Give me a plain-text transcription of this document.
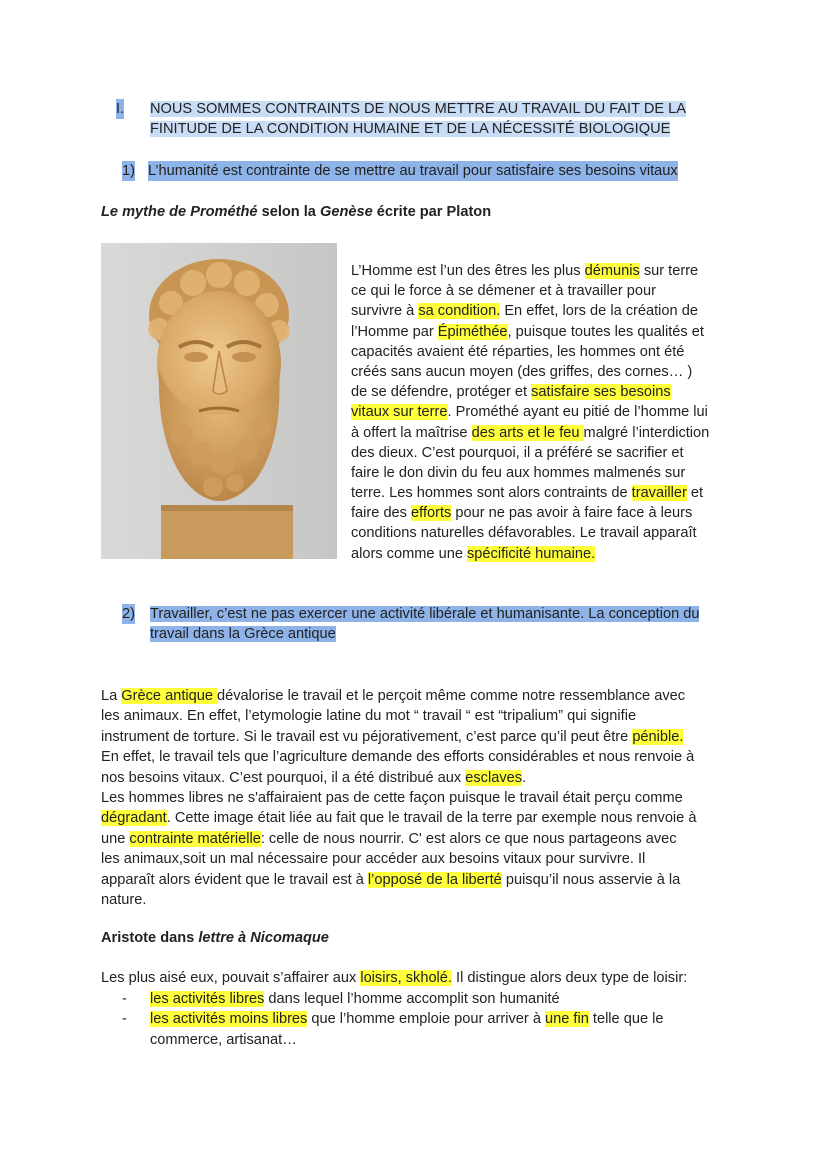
I. NOUS SOMMES CONTRAINTS DE NOUS METTRE AU TRAVAIL DU FAIT DE LA
FINITUDE DE LA CONDITION HUMAINE ET DE LA NÉCESSITÉ BIOLOGIQUE
1) L’humanité est contrainte de se mettre au travail pour satisfaire ses besoins vitaux
Le mythe de Prométhé selon la Genèse écrite par Platon
L’Homme est l’un des êtres les plus démunis sur terre
ce qui le force à se démener et à travailler pour
survivre à sa condition. En effet, lors de la création de
l’Homme par Épiméthée, puisque toutes les qualités et
capacités avaient été réparties, les hommes ont été
créés sans aucun moyen (des griffes, des cornes… )
de se défendre, protéger et satisfaire ses besoins
vitaux sur terre. Prométhé ayant eu pitié de l’homme lui
à offert la maîtrise des arts et le feu malgré l’interdiction
des dieux. C’est pourquoi, il a préféré se sacrifier et
faire le don divin du feu aux hommes malmenés sur
terre. Les hommes sont alors contraints de travailler et
faire des efforts pour ne pas avoir à faire face à leurs
conditions naturelles défavorables. Le travail apparaît
alors comme une spécificité humaine.
2) Travailler, c’est ne pas exercer une activité libérale et humanisante. La conception du
travail dans la Grèce antique
La Grèce antique dévalorise le travail et le perçoit même comme notre ressemblance avec
les animaux. En effet, l’etymologie latine du mot “ travail “ est “tripalium” qui signifie
instrument de torture. Si le travail est vu péjorativement, c’est parce qu’il peut être pénible.
En effet, le travail tels que l’agriculture demande des efforts considérables et nous renvoie à
nos besoins vitaux. C’est pourquoi, il a été distribué aux esclaves.
Les hommes libres ne s'affairaient pas de cette façon puisque le travail était perçu comme
dégradant. Cette image était liée au fait que le travail de la terre par exemple nous renvoie à
une contrainte matérielle: celle de nous nourrir. C' est alors ce que nous partageons avec
les animaux,soit un mal nécessaire pour accéder aux besoins vitaux pour survivre. Il
apparaît alors évident que le travail est à l’opposé de la liberté puisqu’il nous asservie à la
nature.
Aristote dans lettre à Nicomaque
Les plus aisé eux, pouvait s’affairer aux loisirs, skholé. Il distingue alors deux type de loisir:
- les activités libres dans lequel l’homme accomplit son humanité
- les activités moins libres que l’homme emploie pour arriver à une fin telle que le
commerce, artisanat…
